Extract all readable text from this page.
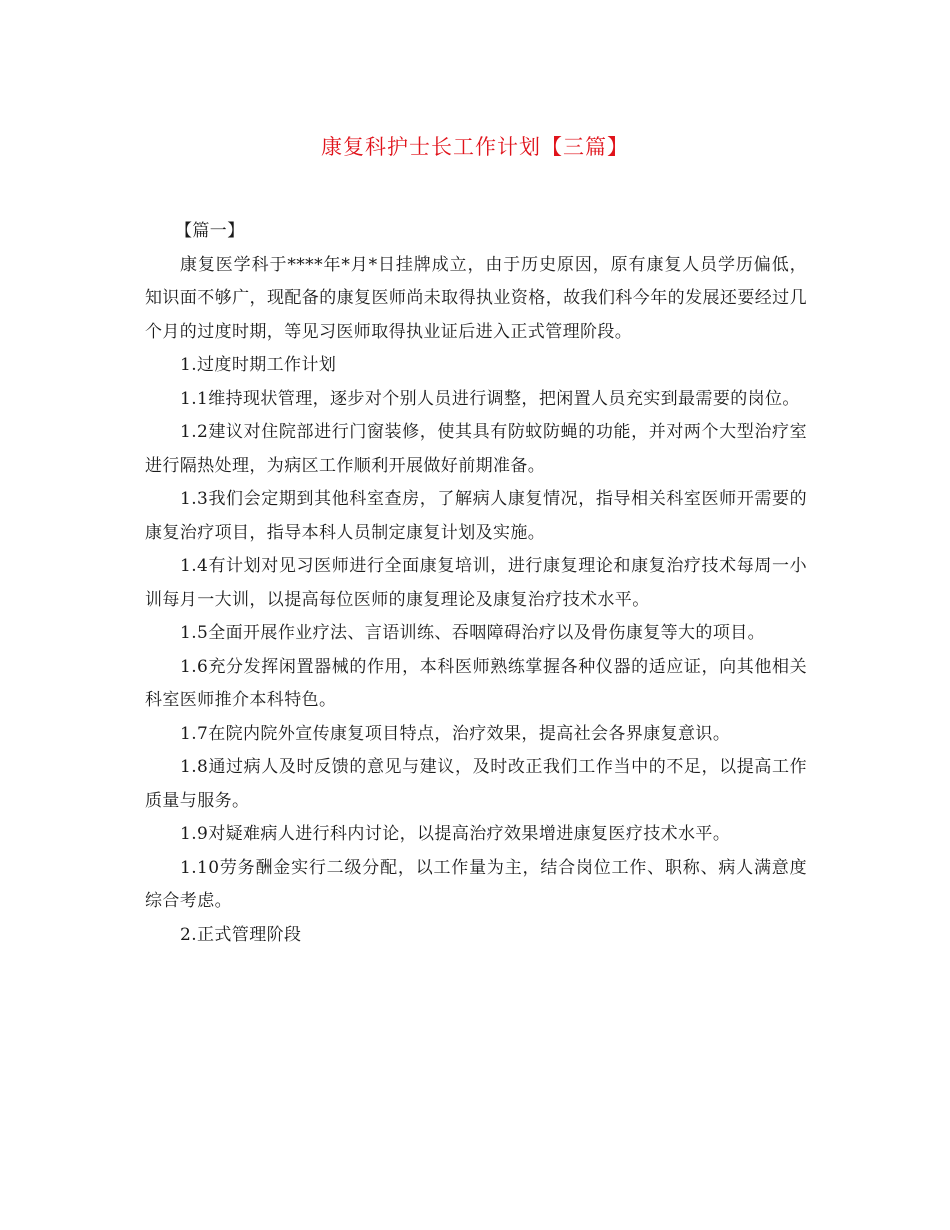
康复科护士长工作计划【三篇】

【篇一】

康复医学科于****年*月*日挂牌成立，由于历史原因，原有康复人员学历偏低，知识面不够广，现配备的康复医师尚未取得执业资格，故我们科今年的发展还要经过几个月的过度时期，等见习医师取得执业证后进入正式管理阶段。

1.过度时期工作计划

1.1维持现状管理，逐步对个别人员进行调整，把闲置人员充实到最需要的岗位。

1.2建议对住院部进行门窗装修，使其具有防蚊防蝇的功能，并对两个大型治疗室进行隔热处理，为病区工作顺利开展做好前期准备。

1.3我们会定期到其他科室查房，了解病人康复情况，指导相关科室医师开需要的康复治疗项目，指导本科人员制定康复计划及实施。

1.4有计划对见习医师进行全面康复培训，进行康复理论和康复治疗技术每周一小训每月一大训，以提高每位医师的康复理论及康复治疗技术水平。

1.5全面开展作业疗法、言语训练、吞咽障碍治疗以及骨伤康复等大的项目。

1.6充分发挥闲置器械的作用，本科医师熟练掌握各种仪器的适应证，向其他相关科室医师推介本科特色。

1.7在院内院外宣传康复项目特点，治疗效果，提高社会各界康复意识。

1.8通过病人及时反馈的意见与建议，及时改正我们工作当中的不足，以提高工作质量与服务。

1.9对疑难病人进行科内讨论，以提高治疗效果增进康复医疗技术水平。

1.10劳务酬金实行二级分配，以工作量为主，结合岗位工作、职称、病人满意度综合考虑。

2.正式管理阶段
